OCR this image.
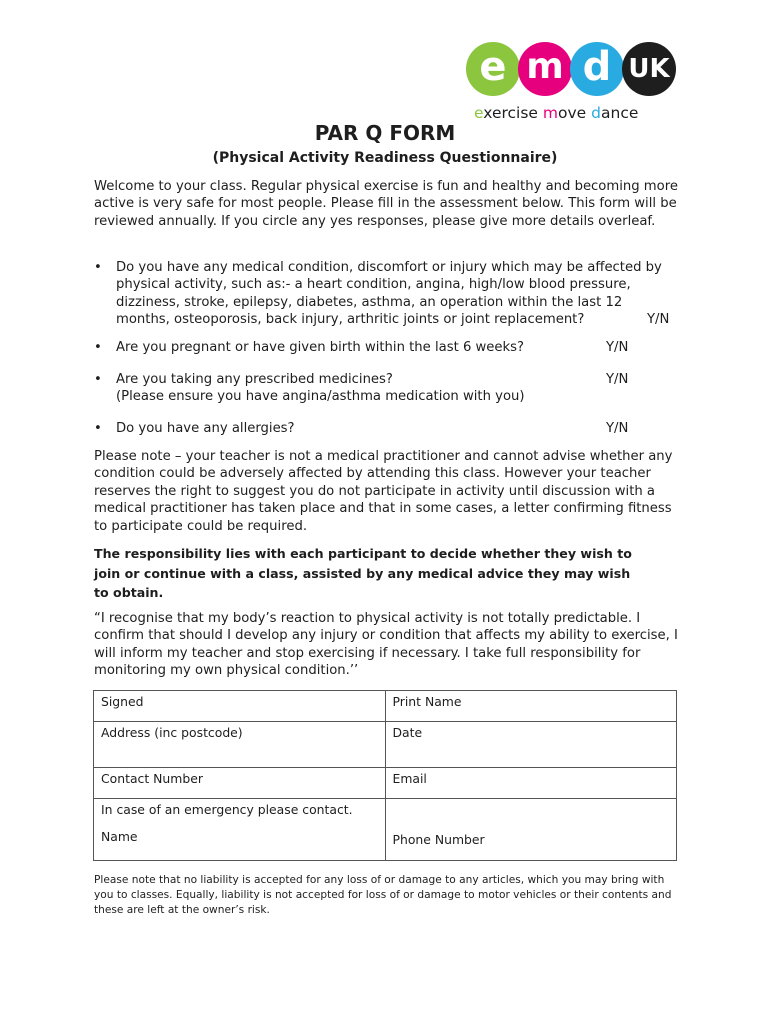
e m d UK
exercise move dance
PAR Q FORM
(Physical Activity Readiness Questionnaire)

Welcome to your class. Regular physical exercise is fun and healthy and becoming more active is very safe for most people. Please fill in the assessment below. This form will be reviewed annually. If you circle any yes responses, please give more details overleaf.

• Do you have any medical condition, discomfort or injury which may be affected by physical activity, such as:- a heart condition, angina, high/low blood pressure, dizziness, stroke, epilepsy, diabetes, asthma, an operation within the last 12 months, osteoporosis, back injury, arthritic joints or joint replacement?	Y/N
• Are you pregnant or have given birth within the last 6 weeks?	Y/N
• Are you taking any prescribed medicines?
(Please ensure you have angina/asthma medication with you)
Y/N
• Do you have any allergies?	Y/N

Please note – your teacher is not a medical practitioner and cannot advise whether any condition could be adversely affected by attending this class. However your teacher reserves the right to suggest you do not participate in activity until discussion with a medical practitioner has taken place and that in some cases, a letter confirming fitness to participate could be required.

The responsibility lies with each participant to decide whether they wish to join or continue with a class, assisted by any medical advice they may wish to obtain.

“I recognise that my body’s reaction to physical activity is not totally predictable. I confirm that should I develop any injury or condition that affects my ability to exercise, I will inform my teacher and stop exercising if necessary. I take full responsibility for monitoring my own physical condition.’’

Signed	Print Name
Address (inc postcode)	Date
Contact Number	Email
In case of an emergency please contact.
Name	Phone Number

Please note that no liability is accepted for any loss of or damage to any articles, which you may bring with you to classes. Equally, liability is not accepted for loss of or damage to motor vehicles or their contents and these are left at the owner’s risk.
